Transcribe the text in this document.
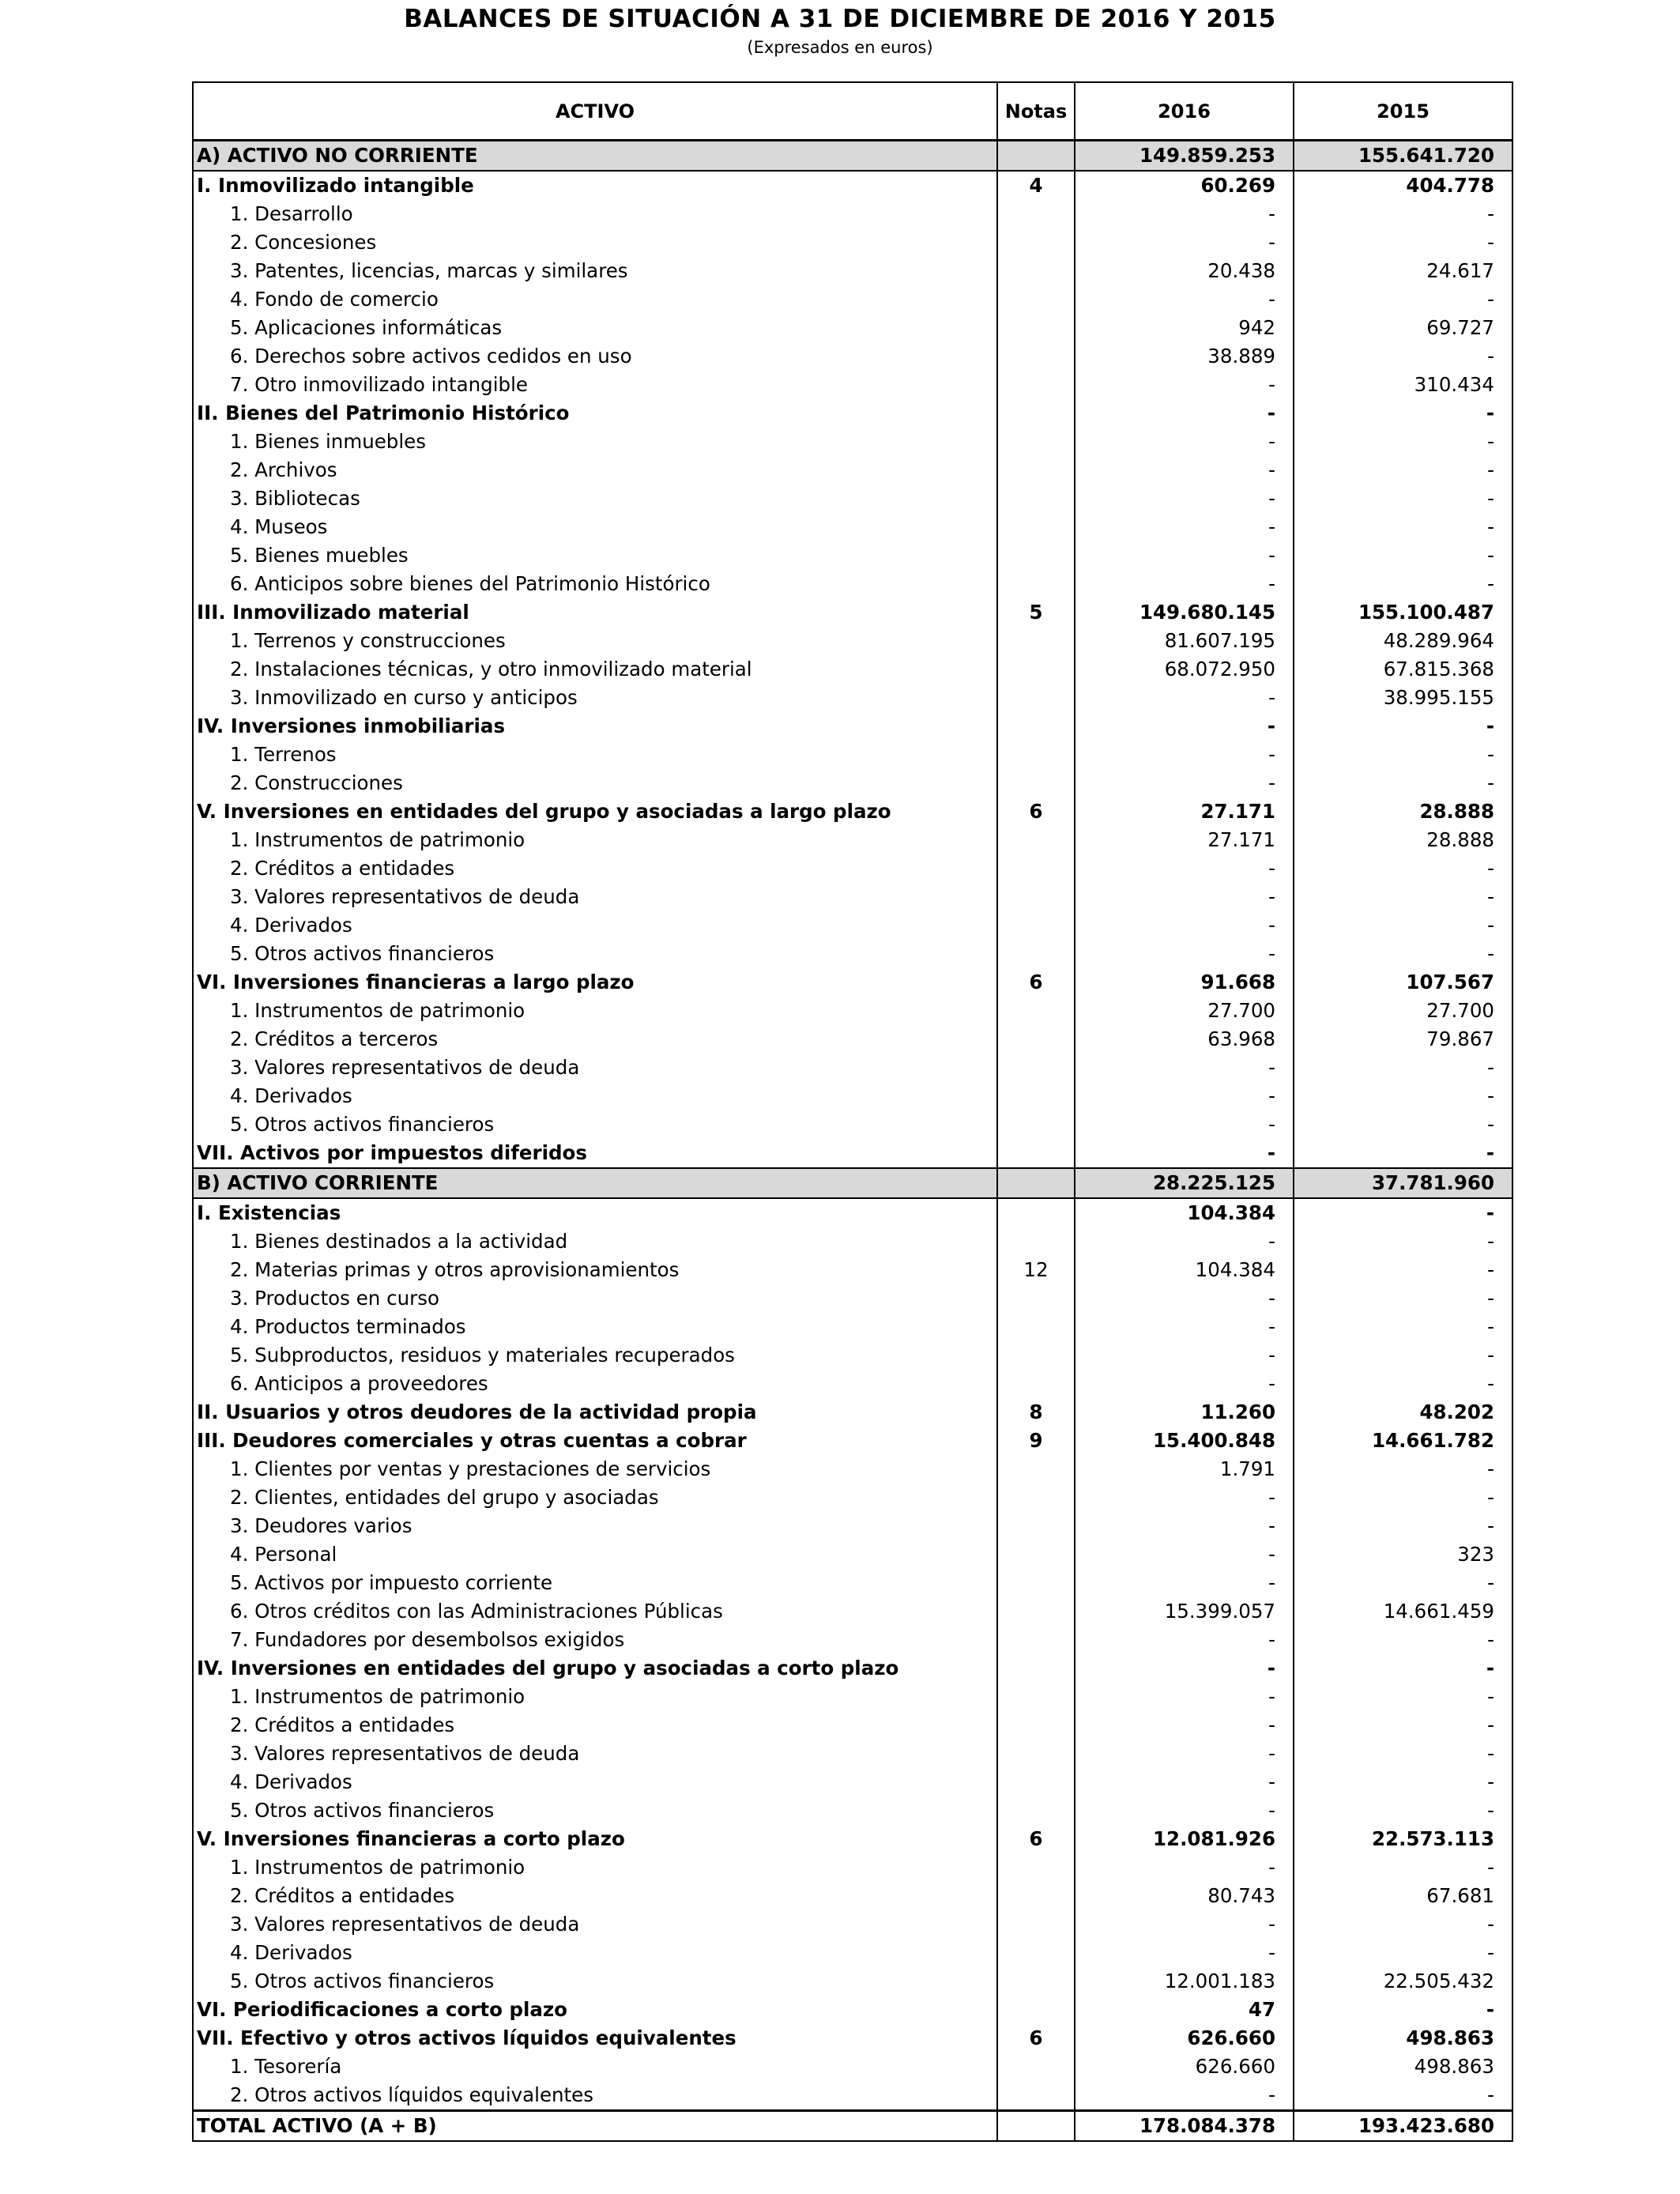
BALANCES DE SITUACIÓN A 31 DE DICIEMBRE DE 2016 Y 2015
(Expresados en euros)
ACTIVO	Notas	2016	2015
A) ACTIVO NO CORRIENTE		149.859.253	155.641.720
I. Inmovilizado intangible	4	60.269	404.778
1. Desarrollo		-	-
2. Concesiones		-	-
3. Patentes, licencias, marcas y similares		20.438	24.617
4. Fondo de comercio		-	-
5. Aplicaciones informáticas		942	69.727
6. Derechos sobre activos cedidos en uso		38.889	-
7. Otro inmovilizado intangible		-	310.434
II. Bienes del Patrimonio Histórico		-	-
1. Bienes inmuebles		-	-
2. Archivos		-	-
3. Bibliotecas		-	-
4. Museos		-	-
5. Bienes muebles		-	-
6. Anticipos sobre bienes del Patrimonio Histórico		-	-
III. Inmovilizado material	5	149.680.145	155.100.487
1. Terrenos y construcciones		81.607.195	48.289.964
2. Instalaciones técnicas, y otro inmovilizado material		68.072.950	67.815.368
3. Inmovilizado en curso y anticipos		-	38.995.155
IV. Inversiones inmobiliarias		-	-
1. Terrenos		-	-
2. Construcciones		-	-
V. Inversiones en entidades del grupo y asociadas a largo plazo	6	27.171	28.888
1. Instrumentos de patrimonio		27.171	28.888
2. Créditos a entidades		-	-
3. Valores representativos de deuda		-	-
4. Derivados		-	-
5. Otros activos financieros		-	-
VI. Inversiones financieras a largo plazo	6	91.668	107.567
1. Instrumentos de patrimonio		27.700	27.700
2. Créditos a terceros		63.968	79.867
3. Valores representativos de deuda		-	-
4. Derivados		-	-
5. Otros activos financieros		-	-
VII. Activos por impuestos diferidos		-	-
B) ACTIVO CORRIENTE		28.225.125	37.781.960
I. Existencias		104.384	-
1. Bienes destinados a la actividad		-	-
2. Materias primas y otros aprovisionamientos	12	104.384	-
3. Productos en curso		-	-
4. Productos terminados		-	-
5. Subproductos, residuos y materiales recuperados		-	-
6. Anticipos a proveedores		-	-
II. Usuarios y otros deudores de la actividad propia	8	11.260	48.202
III. Deudores comerciales y otras cuentas a cobrar	9	15.400.848	14.661.782
1. Clientes por ventas y prestaciones de servicios		1.791	-
2. Clientes, entidades del grupo y asociadas		-	-
3. Deudores varios		-	-
4. Personal		-	323
5. Activos por impuesto corriente		-	-
6. Otros créditos con las Administraciones Públicas		15.399.057	14.661.459
7. Fundadores por desembolsos exigidos		-	-
IV. Inversiones en entidades del grupo y asociadas a corto plazo		-	-
1. Instrumentos de patrimonio		-	-
2. Créditos a entidades		-	-
3. Valores representativos de deuda		-	-
4. Derivados		-	-
5. Otros activos financieros		-	-
V. Inversiones financieras a corto plazo	6	12.081.926	22.573.113
1. Instrumentos de patrimonio		-	-
2. Créditos a entidades		80.743	67.681
3. Valores representativos de deuda		-	-
4. Derivados		-	-
5. Otros activos financieros		12.001.183	22.505.432
VI. Periodificaciones a corto plazo		47	-
VII. Efectivo y otros activos líquidos equivalentes	6	626.660	498.863
1. Tesorería		626.660	498.863
2. Otros activos líquidos equivalentes		-	-
TOTAL ACTIVO (A + B)		178.084.378	193.423.680
